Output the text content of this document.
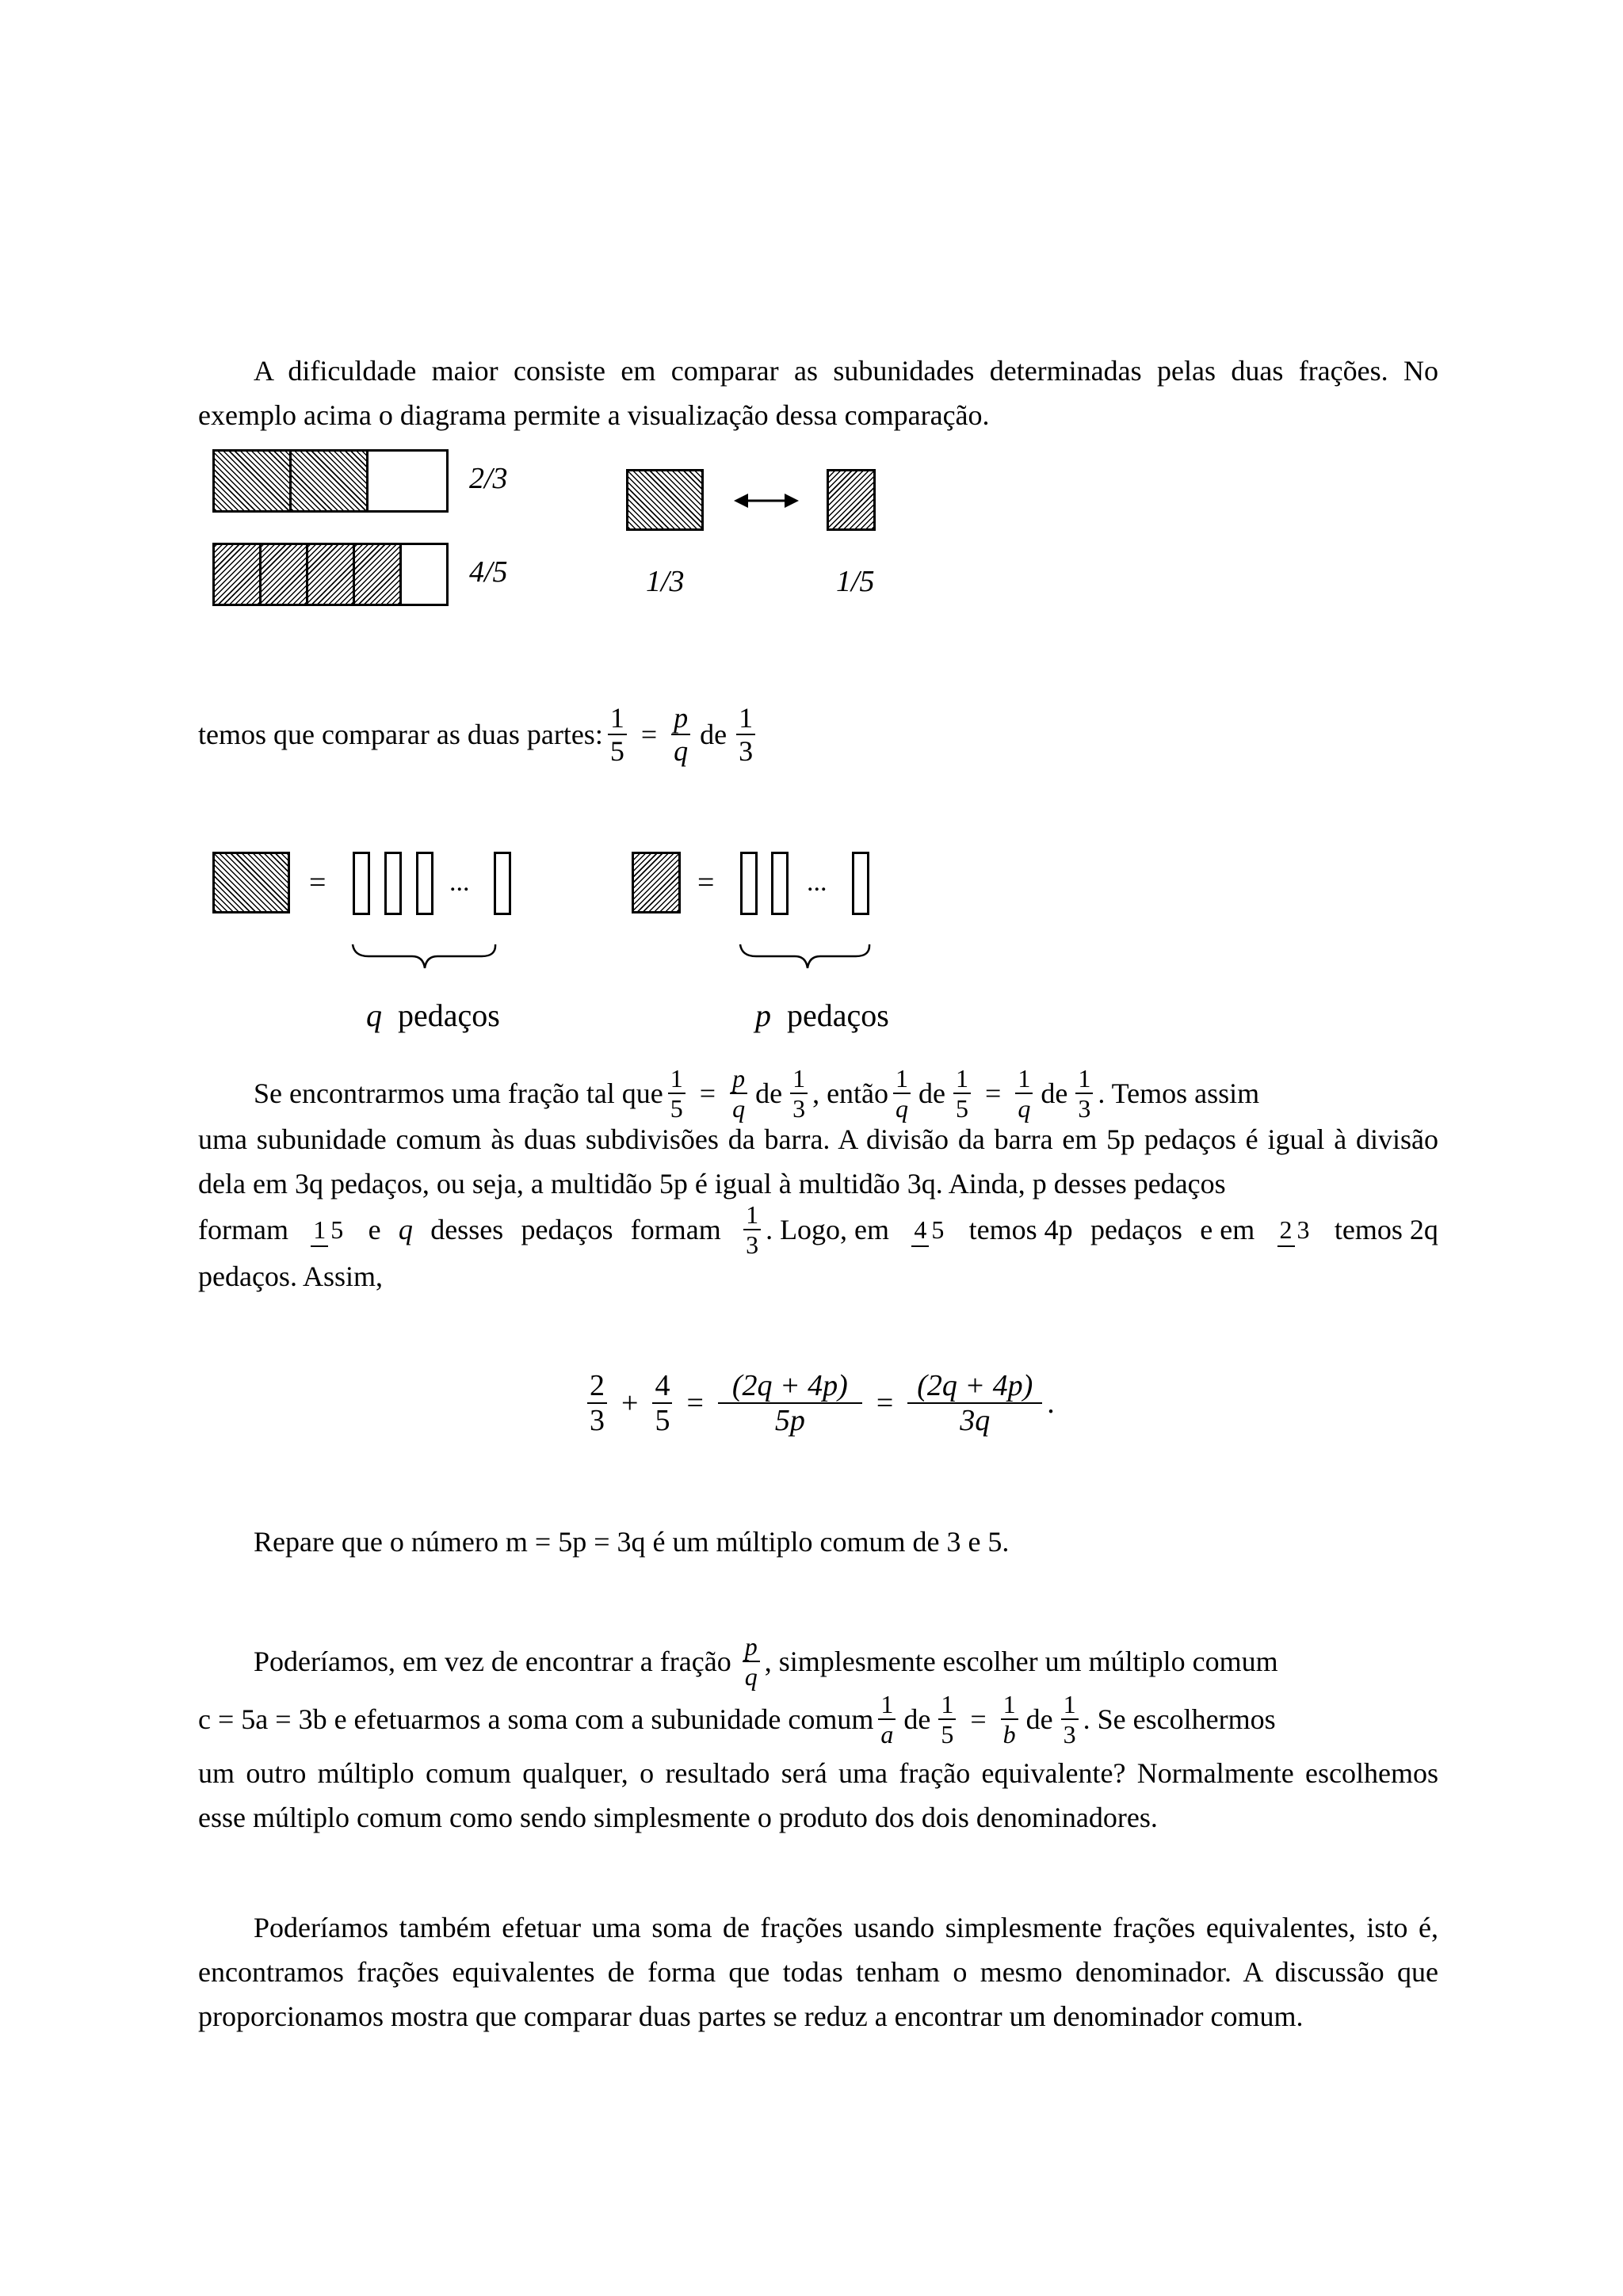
A dificuldade maior consiste em comparar as subunidades determinadas pelas duas frações. No exemplo acima o diagrama permite a visualização dessa comparação.
2/3
4/5	1/3	1/5
temos que comparar as duas partes: $\frac{1}{5} = \frac{p}{q}$ de $\frac{1}{3}$
=	...	=	...
q pedaços	p pedaços
Se encontrarmos uma fração tal que $\frac{1}{5} = \frac{p}{q}$ de $\frac{1}{3}$ , então $\frac{1}{q}$ de $\frac{1}{5} = \frac{1}{q}$ de $\frac{1}{3}$ . Temos assim
uma subunidade comum às duas subdivisões da barra. A divisão da barra em 5p pedaços é igual à divisão dela em 3q pedaços, ou seja, a multidão 5p é igual à multidão 3q. Ainda, p desses pedaços
formam 1 5 e q desses pedaços formam $\frac{1}{3}$ . Logo, em 4 5 temos 4p pedaços e em 2 3 temos 2q
pedaços. Assim,
$\frac{2}{3} + \frac{4}{5} = \frac{(2q + 4p)}{5p} = \frac{(2q + 4p)}{3q}$ .
Repare que o número m = 5p = 3q é um múltiplo comum de 3 e 5.
Poderíamos, em vez de encontrar a fração $\frac{p}{q}$ , simplesmente escolher um múltiplo comum
c = 5a = 3b e efetuarmos a soma com a subunidade comum $\frac{1}{a}$ de $\frac{1}{5} = \frac{1}{b}$ de $\frac{1}{3}$ . Se escolhermos
um outro múltiplo comum qualquer, o resultado será uma fração equivalente? Normalmente escolhemos esse múltiplo comum como sendo simplesmente o produto dos dois denominadores.
Poderíamos também efetuar uma soma de frações usando simplesmente frações equivalentes, isto é, encontramos frações equivalentes de forma que todas tenham o mesmo denominador. A discussão que proporcionamos mostra que comparar duas partes se reduz a encontrar um denominador comum.
